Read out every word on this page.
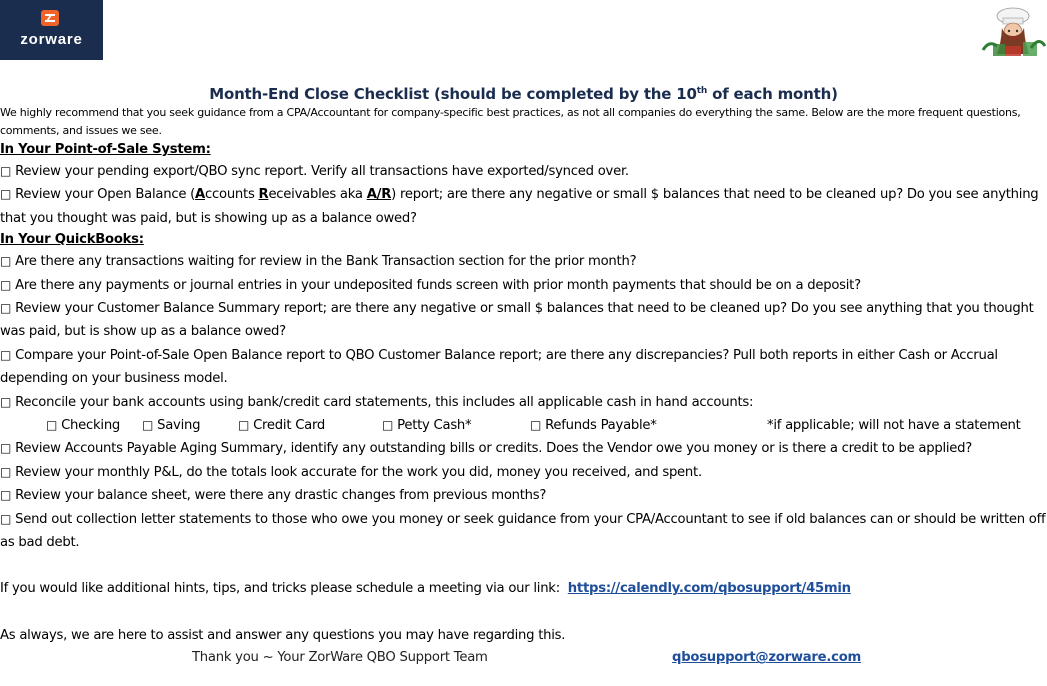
zorware
Month-End Close Checklist (should be completed by the 10th of each month)
We highly recommend that you seek guidance from a CPA/Accountant for company-specific best practices, as not all companies do everything the same. Below are the more frequent questions, comments, and issues we see.
In Your Point-of-Sale System:
□ Review your pending export/QBO sync report. Verify all transactions have exported/synced over.
□ Review your Open Balance (Accounts Receivables aka A/R) report; are there any negative or small $ balances that need to be cleaned up? Do you see anything that you thought was paid, but is showing up as a balance owed?
In Your QuickBooks:
□ Are there any transactions waiting for review in the Bank Transaction section for the prior month?
□ Are there any payments or journal entries in your undeposited funds screen with prior month payments that should be on a deposit?
□ Review your Customer Balance Summary report; are there any negative or small $ balances that need to be cleaned up? Do you see anything that you thought was paid, but is show up as a balance owed?
□ Compare your Point-of-Sale Open Balance report to QBO Customer Balance report; are there any discrepancies? Pull both reports in either Cash or Accrual depending on your business model.
□ Reconcile your bank accounts using bank/credit card statements, this includes all applicable cash in hand accounts:
□ Checking □ Saving	□ Credit Card	□ Petty Cash*	□ Refunds Payable*	*if applicable; will not have a statement
□ Review Accounts Payable Aging Summary, identify any outstanding bills or credits. Does the Vendor owe you money or is there a credit to be applied?
□ Review your monthly P&L, do the totals look accurate for the work you did, money you received, and spent.
□ Review your balance sheet, were there any drastic changes from previous months?
□ Send out collection letter statements to those who owe you money or seek guidance from your CPA/Accountant to see if old balances can or should be written off as bad debt.
If you would like additional hints, tips, and tricks please schedule a meeting via our link: https://calendly.com/qbosupport/45min
As always, we are here to assist and answer any questions you may have regarding this.
Thank you ~ Your ZorWare QBO Support Team	qbosupport@zorware.com
